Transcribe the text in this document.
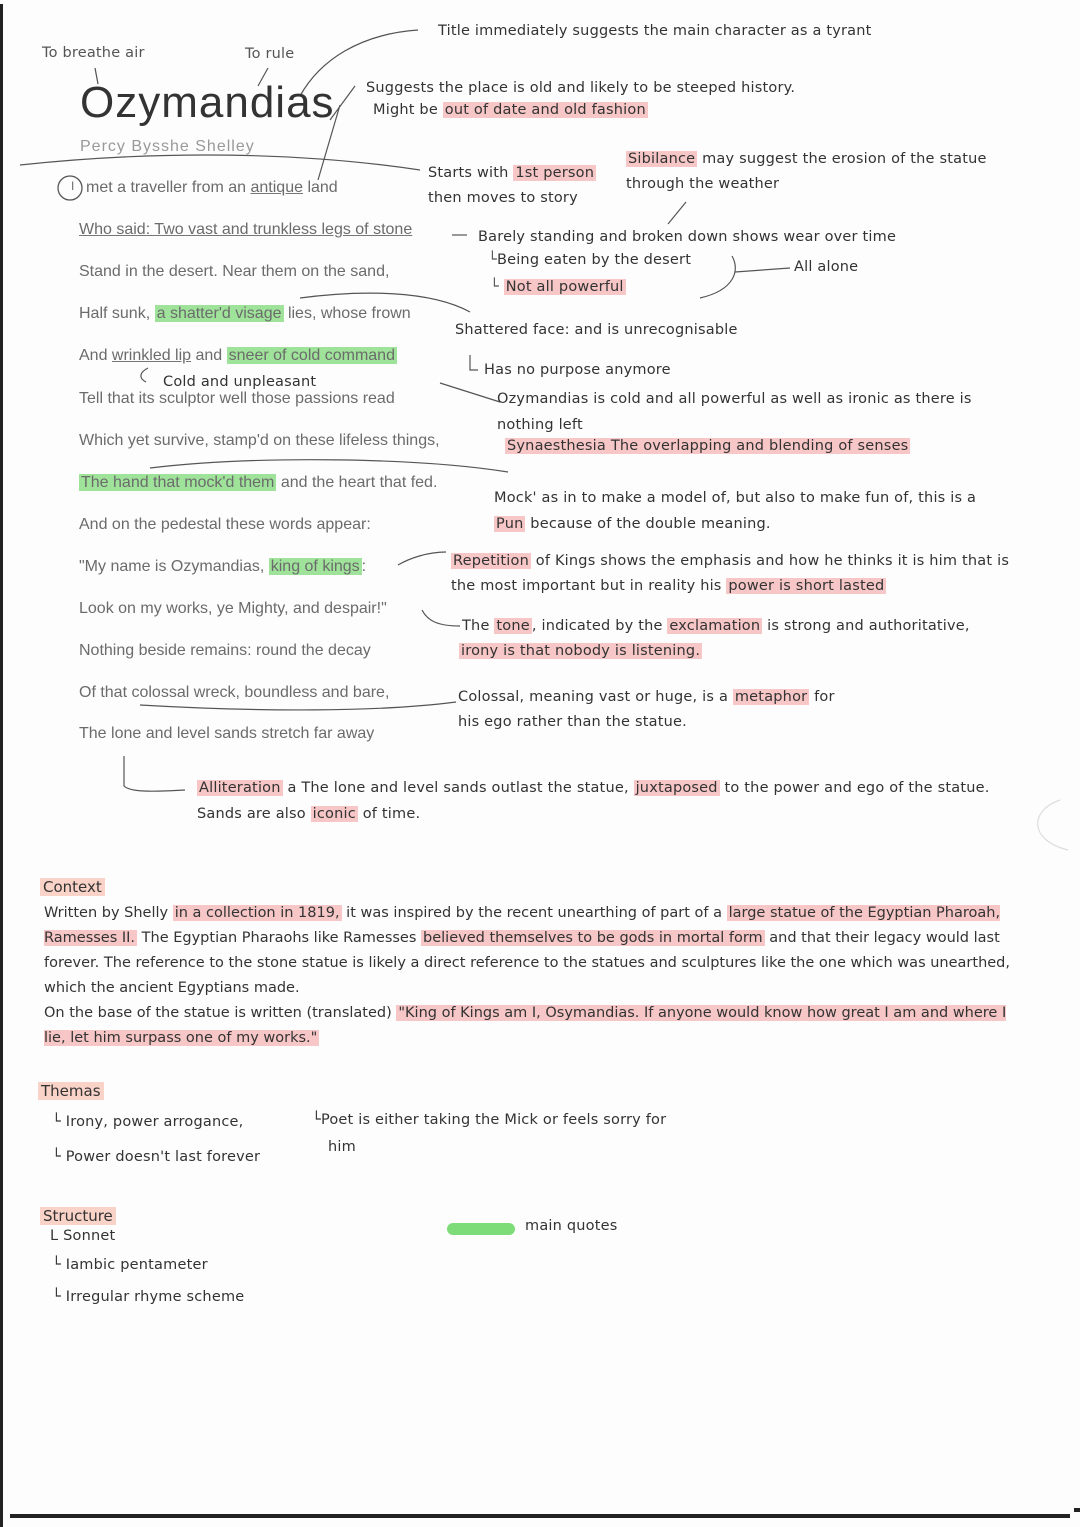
To breathe air	To rule
Ozymandias
Percy Bysshe Shelley
Title immediately suggests the main character as a tyrant
Suggests the place is old and likely to be steeped history.
Might be out of date and old fashion
I met a traveller from an antique land
Who said: Two vast and trunkless legs of stone
Stand in the desert. Near them on the sand,
Half sunk, a shatter'd visage lies, whose frown
And wrinkled lip and sneer of cold command
Cold and unpleasant
Tell that its sculptor well those passions read
Which yet survive, stamp'd on these lifeless things,
The hand that mock'd them and the heart that fed.
And on the pedestal these words appear:
"My name is Ozymandias, king of kings :
Look on my works, ye Mighty, and despair!"
Nothing beside remains: round the decay
Of that colossal wreck, boundless and bare,
The lone and level sands stretch far away
Starts with 1st person
then moves to story
Sibilance may suggest the erosion of the statue
through the weather
Barely standing and broken down shows wear over time
└Being eaten by the desert	All alone
└ Not all powerful
Shattered face: and is unrecognisable
Has no purpose anymore
Ozymandias is cold and all powerful as well as ironic as there is
nothing left
Synaesthesia The overlapping and blending of senses
Mock' as in to make a model of, but also to make fun of, this is a
Pun because of the double meaning.
Repetition of Kings shows the emphasis and how he thinks it is him that is
the most important but in reality his power is short lasted
The tone , indicated by the exclamation is strong and authoritative,
irony is that nobody is listening.
Colossal, meaning vast or huge, is a metaphor for
his ego rather than the statue.
Alliteration a The lone and level sands outlast the statue, juxtaposed to the power and ego of the statue.
Sands are also iconic of time.
Context
Written by Shelly in a collection in 1819, it was inspired by the recent unearthing of part of a large statue of the Egyptian Pharoah, Ramesses II. The Egyptian Pharaohs like Ramesses believed themselves to be gods in mortal form and that their legacy would last forever. The reference to the stone statue is likely a direct reference to the statues and sculptures like the one which was unearthed, which the ancient Egyptians made.
On the base of the statue is written (translated) "King of Kings am I, Osymandias. If anyone would know how great I am and where I lie, let him surpass one of my works."
Themas
└ Irony, power arrogance,
└ Power doesn't last forever
└Poet is either taking the Mick or feels sorry for
him
Structure
L Sonnet
└ Iambic pentameter
└ Irregular rhyme scheme
main quotes
